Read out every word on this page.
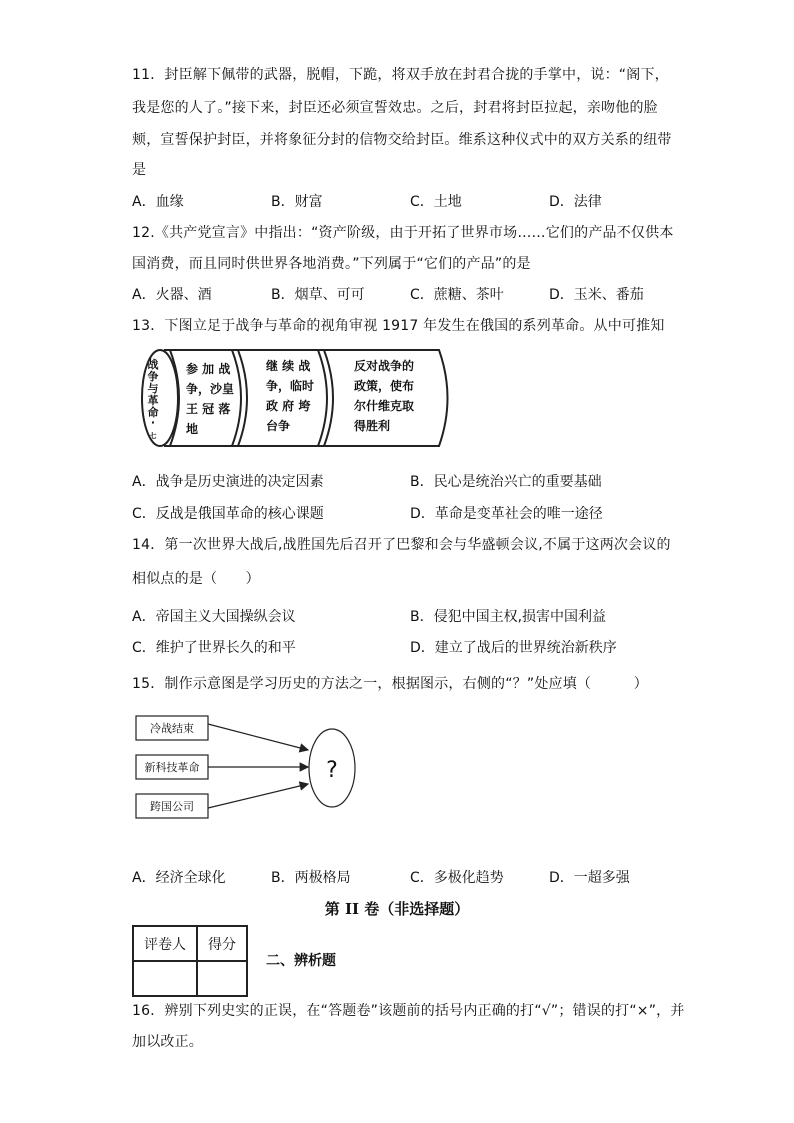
11．封臣解下佩带的武器，脱帽，下跪，将双手放在封君合拢的手掌中，说：“阁下，
我是您的人了。”接下来，封臣还必须宣誓效忠。之后，封君将封臣拉起，亲吻他的脸
颊，宣誓保护封臣，并将象征分封的信物交给封臣。维系这种仪式中的双方关系的纽带
是
A．血缘	B．财富	C．土地	D．法律
12.《共产党宣言》中指出：“资产阶级，由于开拓了世界市场……它们的产品不仅供本
国消费，而且同时供世界各地消费。”下列属于“它们的产品”的是
A．火器、酒	B．烟草、可可	C．蔗糖、茶叶	D．玉米、番茄
13．下图立足于战争与革命的视角审视 1917 年发生在俄国的系列革命。从中可推知
战
争
与
革
命
·
七
参 加 战
争，沙皇
王 冠 落
地
继 续 战
争，临时
政 府 垮
台争
反对战争的
政策，使布
尔什维克取
得胜利
A．战争是历史演进的决定因素	B．民心是统治兴亡的重要基础
C．反战是俄国革命的核心课题	D．革命是变革社会的唯一途径
14．第一次世界大战后,战胜国先后召开了巴黎和会与华盛顿会议,不属于这两次会议的
相似点的是（　　）
A．帝国主义大国操纵会议	B．侵犯中国主权,损害中国利益
C．维护了世界长久的和平	D．建立了战后的世界统治新秩序
15．制作示意图是学习历史的方法之一，根据图示，右侧的“？”处应填（　　　）
冷战结束
新科技革命
跨国公司
?
A．经济全球化	B．两极格局	C．多极化趋势	D．一超多强
第 II 卷（非选择题）
评卷人	得分

二、辨析题
16．辨别下列史实的正误，在“答题卷”该题前的括号内正确的打“√”；错误的打“×”，并
加以改正。
